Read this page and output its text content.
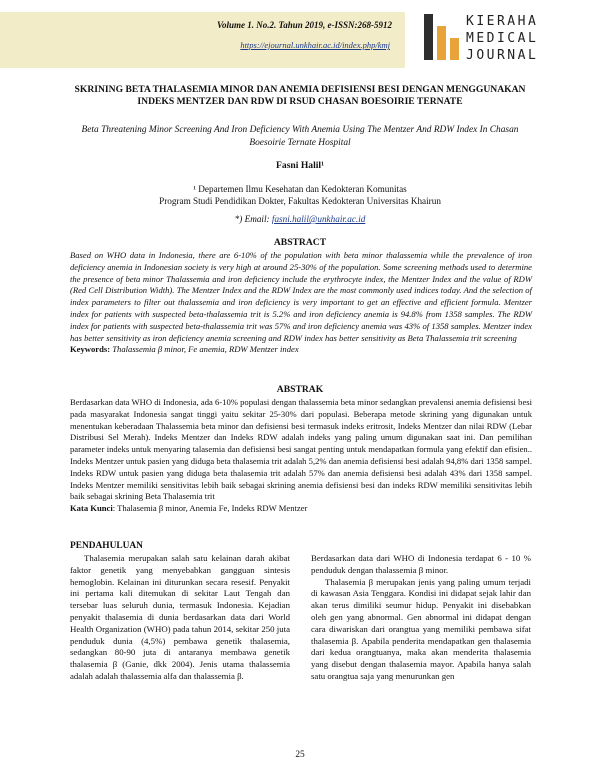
Volume 1. No.2. Tahun 2019, e-ISSN:268-5912
https://ejournal.unkhair.ac.id/index.php/kmj
KIERAHA
MEDICAL
JOURNAL
SKRINING BETA THALASEMIA MINOR DAN ANEMIA DEFISIENSI BESI DENGAN MENGGUNAKAN INDEKS MENTZER DAN RDW DI RSUD CHASAN BOESOIRIE TERNATE
Beta Threatening Minor Screening And Iron Deficiency With Anemia Using The Mentzer And RDW Index In Chasan Boesoirie Ternate Hospital
Fasni Halil¹
¹ Departemen Ilmu Kesehatan dan Kedokteran Komunitas
Program Studi Pendidikan Dokter, Fakultas Kedokteran Universitas Khairun
*) Email: fasni.halil@unkhair.ac.id
ABSTRACT
Based on WHO data in Indonesia, there are 6-10% of the population with beta minor thalassemia while the prevalence of iron deficiency anemia in Indonesian society is very high at around 25-30% of the population. Some screening methods used to determine the presence of beta minor Thalassemia and iron deficiency include the erythrocyte index, the Mentzer Index and the value of RDW (Red Cell Distribution Width). The Mentzer Index and the RDW Index are the most commonly used indices today. And the selection of index parameters to filter out thalassemia and iron deficiency is very important to get an effective and efficient formula. Mentzer index for patients with suspected beta-thalassemia trit is 5.2% and iron deficiency anemia is 94.8% from 1358 samples. The RDW index for patients with suspected beta-thalassemia trit was 57% and iron deficiency anemia was 43% of 1358 samples. Mentzer index has better sensitivity as iron deficiency anemia screening and RDW index has better sensitivity as Beta Thalassemia trit screening
Keywords: Thalassemia β minor, Fe anemia, RDW Mentzer index
ABSTRAK
Berdasarkan data WHO di Indonesia, ada 6-10% populasi dengan thalassemia beta minor sedangkan prevalensi anemia defisiensi besi pada masyarakat Indonesia sangat tinggi yaitu sekitar 25-30% dari populasi. Beberapa metode skrining yang digunakan untuk menentukan keberadaan Thalassemia beta minor dan defisiensi besi termasuk indeks eritrosit, Indeks Mentzer dan nilai RDW (Lebar Distribusi Sel Merah). Indeks Mentzer dan Indeks RDW adalah indeks yang paling umum digunakan saat ini. Dan pemilihan parameter indeks untuk menyaring talasemia dan defisiensi besi sangat penting untuk mendapatkan formula yang efektif dan efisien.. Indeks Mentzer untuk pasien yang diduga beta thalasemia trit adalah 5,2% dan anemia defisiensi besi adalah 94,8% dari 1358 sampel. Indeks RDW untuk pasien yang diduga beta thalasemia trit adalah 57% dan anemia defisiensi besi adalah 43% dari 1358 sampel. Indeks Mentzer memiliki sensitivitas lebih baik sebagai skrining anemia defisiensi besi dan indeks RDW memiliki sensitivitas lebih baik sebagai skrining Beta Thalasemia trit
Kata Kunci: Thalasemia β minor, Anemia Fe, Indeks RDW Mentzer
PENDAHULUAN

Thalasemia merupakan salah satu kelainan darah akibat faktor genetik yang menyebabkan gangguan sintesis hemoglobin. Kelainan ini diturunkan secara resesif. Penyakit ini pertama kali ditemukan di sekitar Laut Tengah dan tersebar luas seluruh dunia, termasuk Indonesia. Kejadian penyakit thalasemia di dunia berdasarkan data dari World Health Organization (WHO) pada tahun 2014, sekitar 250 juta penduduk dunia (4,5%) pembawa genetik thalasemia, sedangkan 80-90 juta di antaranya membawa genetik thalasemia β (Ganie, dkk 2004). Jenis utama thalassemia adalah adalah thalassemia alfa dan thalassemia β.

Berdasarkan data dari WHO di Indonesia terdapat 6 - 10 % penduduk dengan thalassemia β minor.

Thalasemia β merupakan jenis yang paling umum terjadi di kawasan Asia Tenggara. Kondisi ini didapat sejak lahir dan akan terus dimiliki seumur hidup. Penyakit ini disebabkan oleh gen yang abnormal. Gen abnormal ini didapat dengan cara diwariskan dari orangtua yang memiliki pembawa sifat thalasemia β. Apabila penderita mendapatkan gen thalasemia dari kedua orangtuanya, maka akan menderita thalasemia yang disebut dengan thalasemia mayor. Apabila hanya salah satu orangtua saja yang menurunkan gen

25
